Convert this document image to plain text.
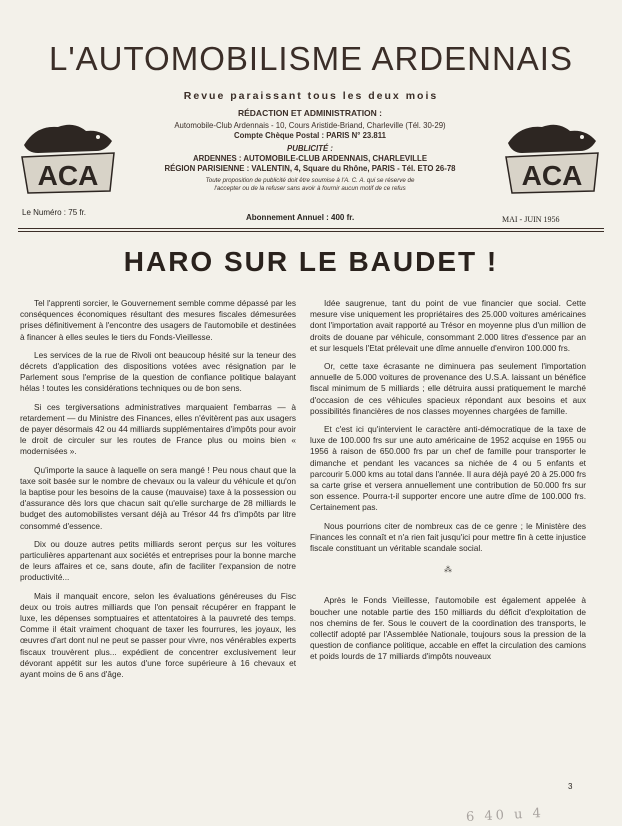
L'AUTOMOBILISME ARDENNAIS
Revue paraissant tous les deux mois
ACA	ACA
RÉDACTION ET ADMINISTRATION :
Automobile-Club Ardennais - 10, Cours Aristide-Briand, Charleville (Tél. 30-29)
Compte Chèque Postal : PARIS N° 23.811
PUBLICITÉ :
ARDENNES : AUTOMOBILE-CLUB ARDENNAIS, CHARLEVILLE
RÉGION PARISIENNE : VALENTIN, 4, Square du Rhône, PARIS - Tél. ETO 26-78
Toute proposition de publicité doit être soumise à l'A. C. A. qui se réserve de
l'accepter ou de la refuser sans avoir à fournir aucun motif de ce refus
Le Numéro : 75 fr.
Abonnement Annuel : 400 fr.	MAI - JUIN 1956
HARO SUR LE BAUDET !

Tel l'apprenti sorcier, le Gouvernement semble comme dépassé par les conséquences économiques résultant des mesures fiscales démesurées prises définitivement à l'encontre des usagers de l'automobile et destinées à financer à elles seules le tiers du Fonds-Vieillesse.

Les services de la rue de Rivoli ont beaucoup hésité sur la teneur des décrets d'application des dispositions votées avec résignation par le Parlement sous l'emprise de la question de confiance politique balayant hélas ! toutes les considérations techniques ou de bon sens.

Si ces tergiversations administratives marquaient l'embarras — à retardement — du Ministre des Finances, elles n'évitèrent pas aux usagers de payer désormais 42 ou 44 milliards supplémentaires d'impôts pour avoir le droit de circuler sur les routes de France plus ou moins bien « modernisées ».

Qu'importe la sauce à laquelle on sera mangé ! Peu nous chaut que la taxe soit basée sur le nombre de chevaux ou la valeur du véhicule et qu'on la baptise pour les besoins de la cause (mauvaise) taxe à la possession ou d'assurance dès lors que chacun sait qu'elle surcharge de 28 milliards le budget des automobilistes versant déjà au Trésor 44 frs d'impôts par litre consommé d'essence.

Dix ou douze autres petits milliards seront perçus sur les voitures particulières appartenant aux sociétés et entreprises pour la bonne marche de leurs affaires et ce, sans doute, afin de faciliter l'expansion de notre productivité...

Mais il manquait encore, selon les évaluations généreuses du Fisc deux ou trois autres milliards que l'on pensait récupérer en frappant le luxe, les dépenses somptuaires et attentatoires à la pauvreté des temps. Comme il était vraiment choquant de taxer les fourrures, les joyaux, les œuvres d'art dont nul ne peut se passer pour vivre, nos vénérables experts fiscaux trouvèrent plus... expédient de concentrer exclusivement leur dévorant appétit sur les autos d'une force supérieure à 16 chevaux et ayant moins de 6 ans d'âge.

Idée saugrenue, tant du point de vue financier que social. Cette mesure vise uniquement les propriétaires des 25.000 voitures américaines dont l'importation avait rapporté au Trésor en moyenne plus d'un million de droits de douane par véhicule, consommant 2.000 litres d'essence par an et sur lesquels l'Etat prélevait une dîme annuelle d'environ 100.000 frs.

Or, cette taxe écrasante ne diminuera pas seulement l'importation annuelle de 5.000 voitures de provenance des U.S.A. laissant un bénéfice fiscal minimum de 5 milliards ; elle détruira aussi pratiquement le marché d'occasion de ces véhicules spacieux répondant aux besoins et aux possibilités financières de nos classes moyennes chargées de famille.

Et c'est ici qu'intervient le caractère anti-démocratique de la taxe de luxe de 100.000 frs sur une auto américaine de 1952 acquise en 1955 ou 1956 à raison de 650.000 frs par un chef de famille pour transporter le dimanche et pendant les vacances sa nichée de 4 ou 5 enfants et parcourir 5.000 kms au total dans l'année. Il aura déjà payé 20 à 25.000 frs sa carte grise et versera annuellement une contribution de 50.000 frs sur son essence. Pourra-t-il supporter encore une autre dîme de 100.000 frs. Certainement pas.

Nous pourrions citer de nombreux cas de ce genre ; le Ministère des Finances les connaît et n'a rien fait jusqu'ici pour mettre fin à cette injustice fiscale constituant un véritable scandale social.

⁂

Après le Fonds Vieillesse, l'automobile est également appelée à boucher une notable partie des 150 milliards du déficit d'exploitation de nos chemins de fer. Sous le couvert de la coordination des transports, le collectif adopté par l'Assemblée Nationale, toujours sous la pression de la question de confiance politique, accable en effet la circulation des camions et poids lourds de 17 milliards d'impôts nouveaux

3
6 40 u 4
